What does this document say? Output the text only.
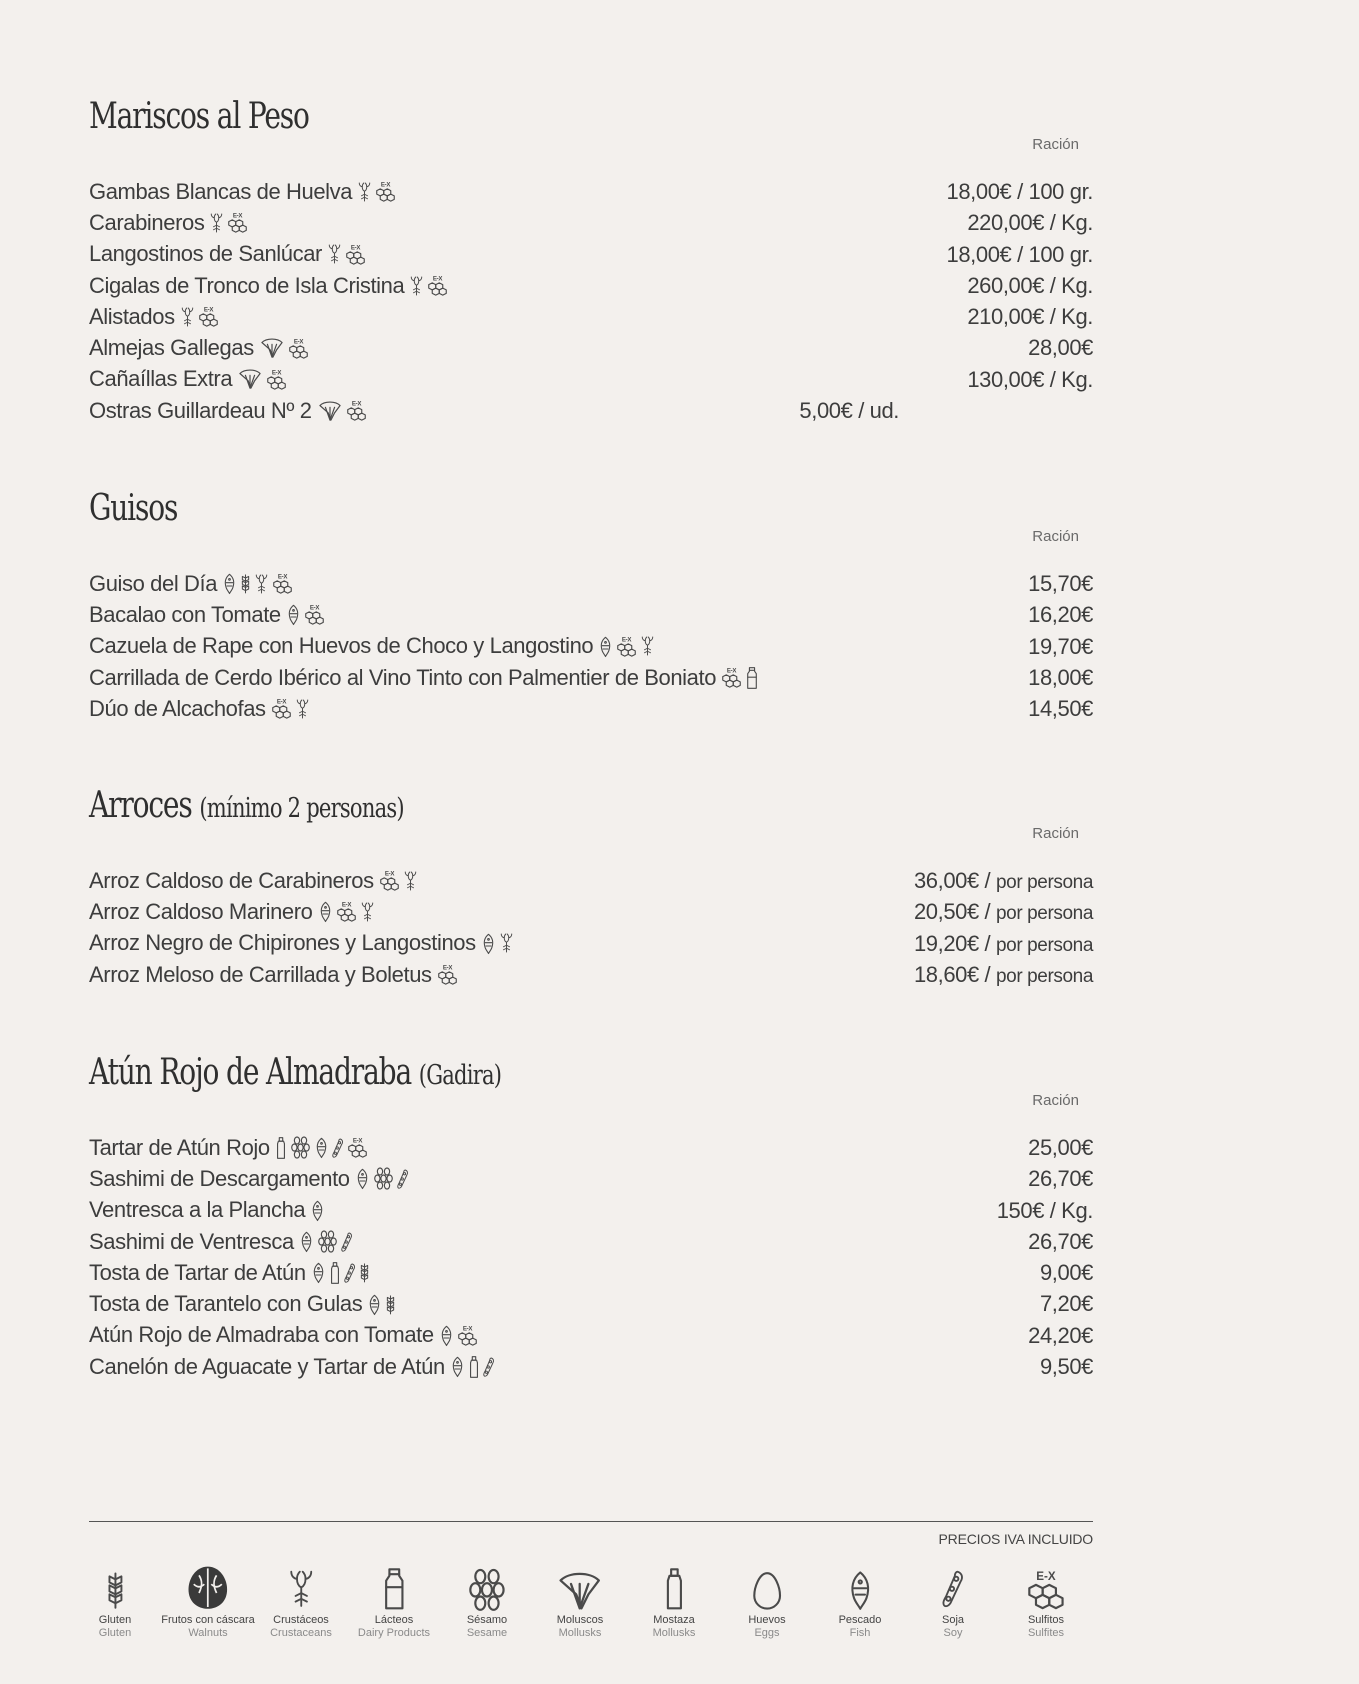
Mariscos al Peso
Ración
Gambas Blancas de Huelva	E-X	18,00€ / 100 gr.
Carabineros	E-X	220,00€ / Kg.
Langostinos de Sanlúcar	E-X	18,00€ / 100 gr.
Cigalas de Tronco de Isla Cristina	E-X	260,00€ / Kg.
Alistados	E-X	210,00€ / Kg.
Almejas Gallegas	E-X	28,00€
Cañaíllas Extra	E-X	130,00€ / Kg.
Ostras Guillardeau Nº 2	E-X	5,00€ / ud.
Guisos
Ración
Guiso del Día	E-X	15,70€
Bacalao con Tomate	E-X	16,20€
Cazuela de Rape con Huevos de Choco y Langostino	E-X	19,70€
Carrillada de Cerdo Ibérico al Vino Tinto con Palmentier de Boniato E-X	18,00€
Dúo de Alcachofas E-X	14,50€
Arroces (mínimo 2 personas)
Ración
Arroz Caldoso de Carabineros E-X	36,00€ / por persona
Arroz Caldoso Marinero	E-X	20,50€ / por persona
Arroz Negro de Chipirones y Langostinos	19,20€ / por persona
Arroz Meloso de Carrillada y Boletus E-X	18,60€ / por persona
Atún Rojo de Almadraba (Gadira)
Ración
Tartar de Atún Rojo	E-X	25,00€
Sashimi de Descargamento	26,70€
Ventresca a la Plancha	150€ / Kg.
Sashimi de Ventresca	26,70€
Tosta de Tartar de Atún	9,00€
Tosta de Tarantelo con Gulas	7,20€
Atún Rojo de Almadraba con Tomate	E-X	24,20€
Canelón de Aguacate y Tartar de Atún	9,50€
PRECIOS IVA INCLUIDO
Gluten
Gluten
Frutos con cáscara
Walnuts
Crustáceos
Crustaceans
Lácteos
Dairy Products
Sésamo
Sesame
Moluscos
Mollusks
Mostaza
Mollusks
Huevos
Eggs
Pescado
Fish
Soja
Soy
E-X
Sulfitos
Sulfites
